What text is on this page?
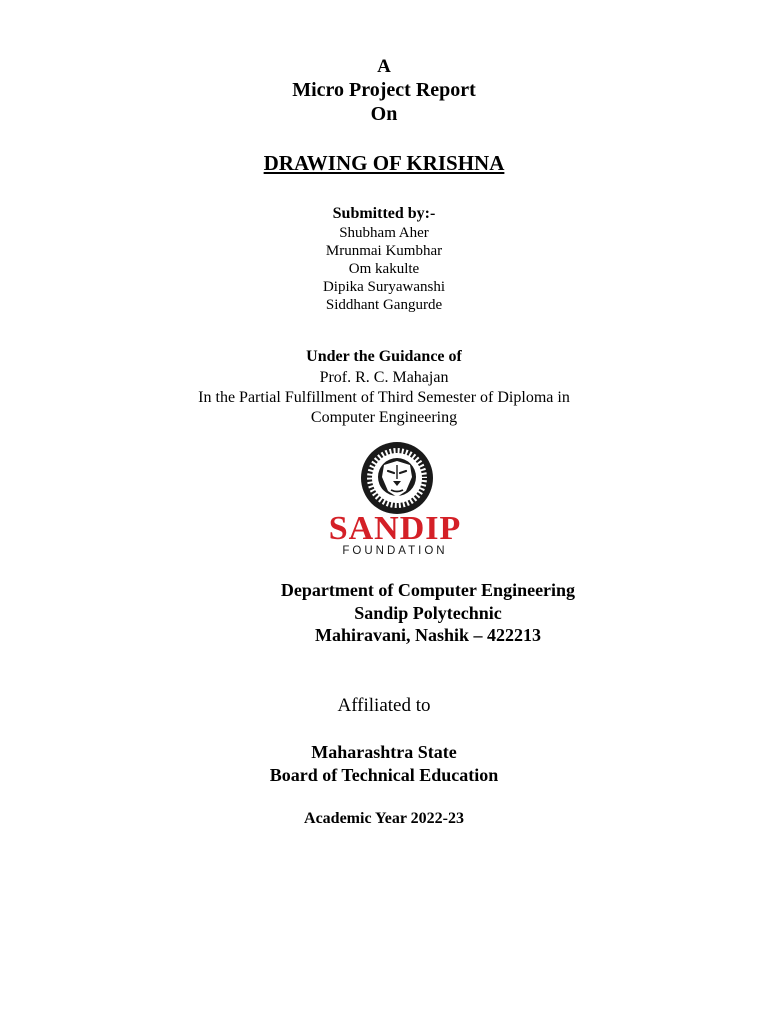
A
Micro Project Report
On
DRAWING OF KRISHNA
Submitted by:-
Shubham Aher
Mrunmai Kumbhar
Om kakulte
Dipika Suryawanshi
Siddhant Gangurde
Under the Guidance of
Prof. R. C. Mahajan
In the Partial Fulfillment of Third Semester of Diploma in
Computer Engineering
SANDIP
FOUNDATION
Department of Computer Engineering
Sandip Polytechnic
Mahiravani, Nashik – 422213
Affiliated to
Maharashtra State
Board of Technical Education
Academic Year 2022-23
